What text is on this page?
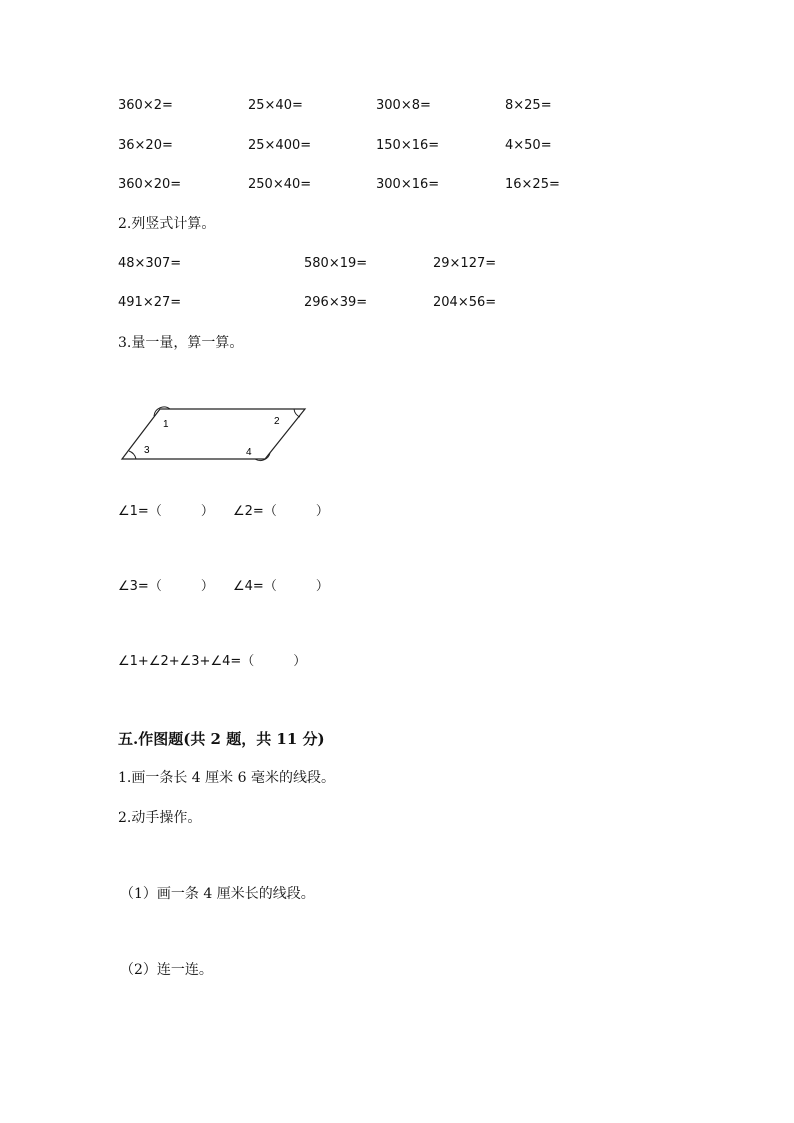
360×2=	25×40=	300×8=	8×25=
36×20=	25×400=	150×16=	4×50=
360×20=	250×40=	300×16=	16×25=
2.列竖式计算。
48×307=	580×19=	29×127=
491×27=	296×39=	204×56=
3.量一量，算一算。
1	2
3	4
∠1=（　　　） ∠2=（　　　）
∠3=（　　　） ∠4=（　　　）
∠1+∠2+∠3+∠4=（　　　）
五.作图题(共 2 题，共 11 分)
1.画一条长 4 厘米 6 毫米的线段。
2.动手操作。
（1）画一条 4 厘米长的线段。
（2）连一连。
